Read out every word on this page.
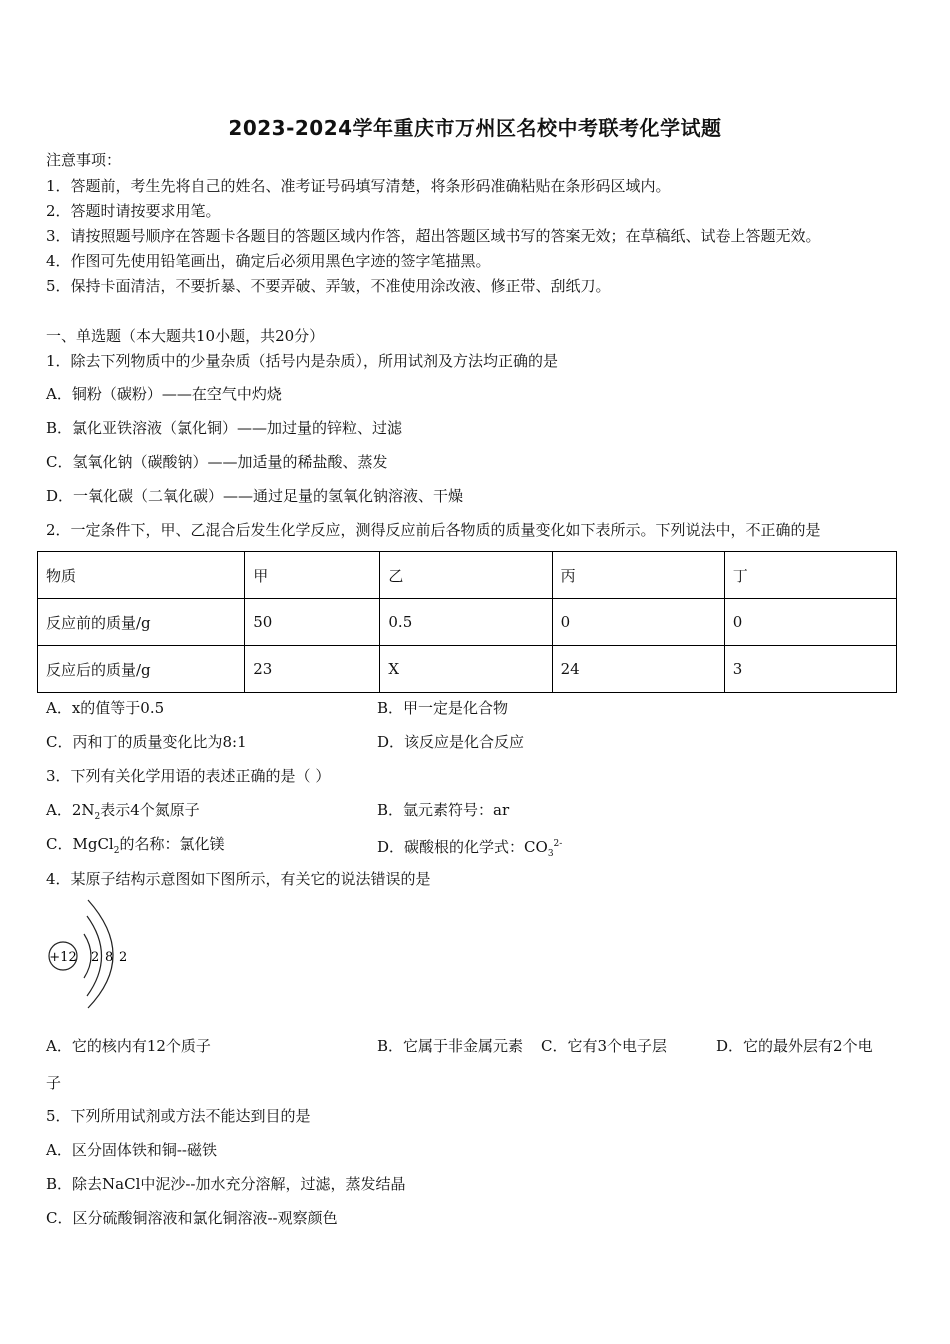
2023-2024学年重庆市万州区名校中考联考化学试题
注意事项：
1．答题前，考生先将自己的姓名、准考证号码填写清楚，将条形码准确粘贴在条形码区域内。
2．答题时请按要求用笔。
3．请按照题号顺序在答题卡各题目的答题区域内作答，超出答题区域书写的答案无效；在草稿纸、试卷上答题无效。
4．作图可先使用铅笔画出，确定后必须用黑色字迹的签字笔描黑。
5．保持卡面清洁，不要折暴、不要弄破、弄皱，不准使用涂改液、修正带、刮纸刀。
一、单选题（本大题共10小题，共20分）
1．除去下列物质中的少量杂质（括号内是杂质），所用试剂及方法均正确的是
A．铜粉（碳粉）——在空气中灼烧
B．氯化亚铁溶液（氯化铜）——加过量的锌粒、过滤
C．氢氧化钠（碳酸钠）——加适量的稀盐酸、蒸发
D．一氧化碳（二氧化碳）——通过足量的氢氧化钠溶液、干燥
2．一定条件下，甲、乙混合后发生化学反应，测得反应前后各物质的质量变化如下表所示。下列说法中，不正确的是
物质	甲	乙	丙	丁
反应前的质量/g	50	0.5	0	0
反应后的质量/g	23	X	24	3
A．x的值等于0.5	B．甲一定是化合物
C．丙和丁的质量变化比为8:1	D．该反应是化合反应
3．下列有关化学用语的表述正确的是（ ）
A．$2N_2$表示4个氮原子	B．氩元素符号：ar
C．MgCl$_2$的名称：氯化镁	D．碳酸根的化学式：$CO_3^{2-}$
4．某原子结构示意图如下图所示，有关它的说法错误的是
+12 2 8 2
A．它的核内有12个质子	B．它属于非金属元素 C．它有3个电子层	D．它的最外层有2个电
子
5．下列所用试剂或方法不能达到目的是
A．区分固体铁和铜--磁铁
B．除去NaCl中泥沙--加水充分溶解，过滤，蒸发结晶
C．区分硫酸铜溶液和氯化铜溶液--观察颜色
